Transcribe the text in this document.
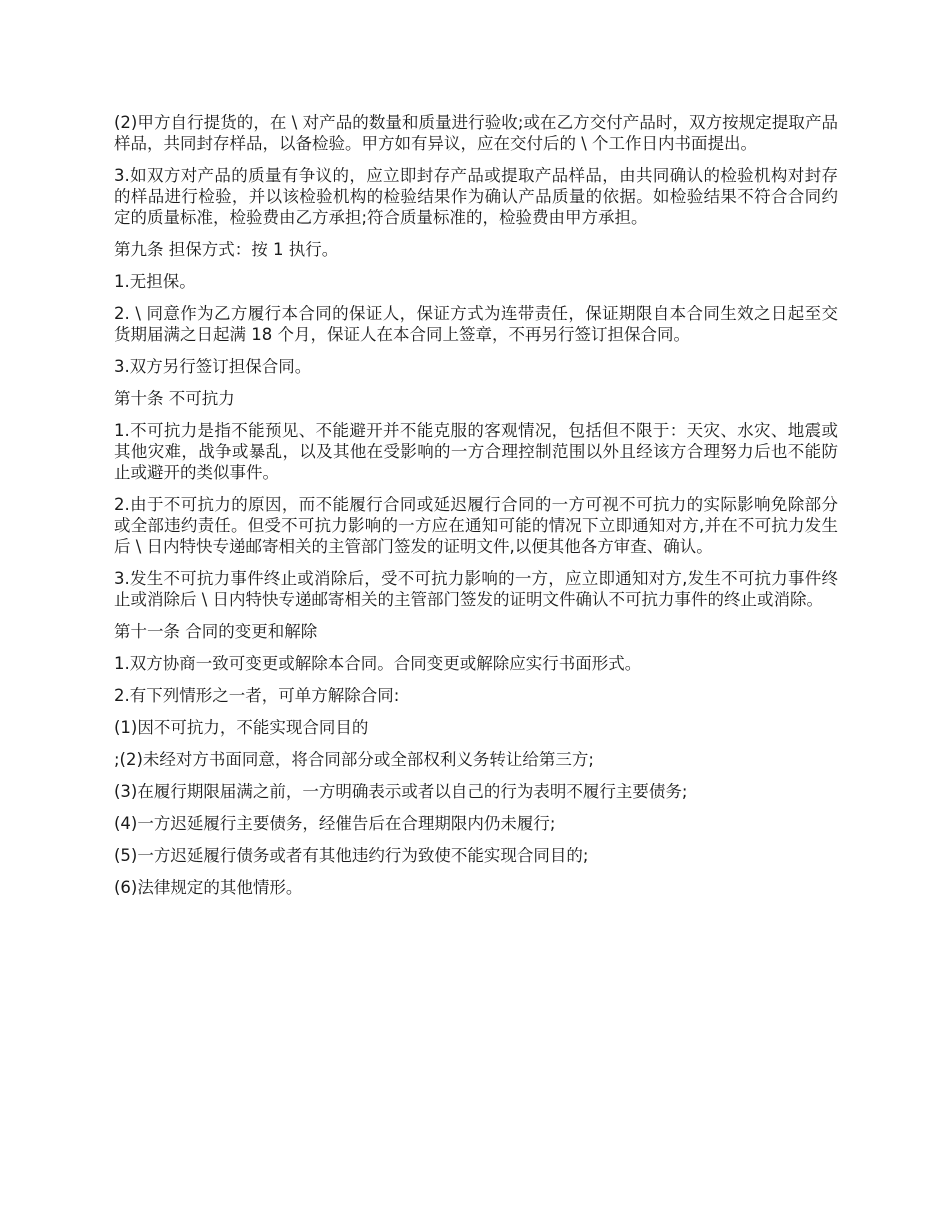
(2)甲方自行提货的，在 \ 对产品的数量和质量进行验收;或在乙方交付产品时，双方按规定提取产品样品，共同封存样品，以备检验。甲方如有异议，应在交付后的 \ 个工作日内书面提出。

3.如双方对产品的质量有争议的，应立即封存产品或提取产品样品，由共同确认的检验机构对封存的样品进行检验，并以该检验机构的检验结果作为确认产品质量的依据。如检验结果不符合合同约定的质量标准，检验费由乙方承担;符合质量标准的，检验费由甲方承担。

第九条 担保方式：按 1 执行。

1.无担保。

2. \ 同意作为乙方履行本合同的保证人，保证方式为连带责任，保证期限自本合同生效之日起至交货期届满之日起满 18 个月，保证人在本合同上签章，不再另行签订担保合同。

3.双方另行签订担保合同。

第十条 不可抗力

1.不可抗力是指不能预见、不能避开并不能克服的客观情况，包括但不限于：天灾、水灾、地震或其他灾难，战争或暴乱，以及其他在受影响的一方合理控制范围以外且经该方合理努力后也不能防止或避开的类似事件。

2.由于不可抗力的原因，而不能履行合同或延迟履行合同的一方可视不可抗力的实际影响免除部分或全部违约责任。但受不可抗力影响的一方应在通知可能的情况下立即通知对方,并在不可抗力发生后 \ 日内特快专递邮寄相关的主管部门签发的证明文件,以便其他各方审查、确认。

3.发生不可抗力事件终止或消除后，受不可抗力影响的一方，应立即通知对方,发生不可抗力事件终止或消除后 \ 日内特快专递邮寄相关的主管部门签发的证明文件确认不可抗力事件的终止或消除。

第十一条 合同的变更和解除

1.双方协商一致可变更或解除本合同。合同变更或解除应实行书面形式。

2.有下列情形之一者，可单方解除合同:

(1)因不可抗力，不能实现合同目的

;(2)未经对方书面同意，将合同部分或全部权利义务转让给第三方;

(3)在履行期限届满之前，一方明确表示或者以自己的行为表明不履行主要债务;

(4)一方迟延履行主要债务，经催告后在合理期限内仍未履行;

(5)一方迟延履行债务或者有其他违约行为致使不能实现合同目的;

(6)法律规定的其他情形。
